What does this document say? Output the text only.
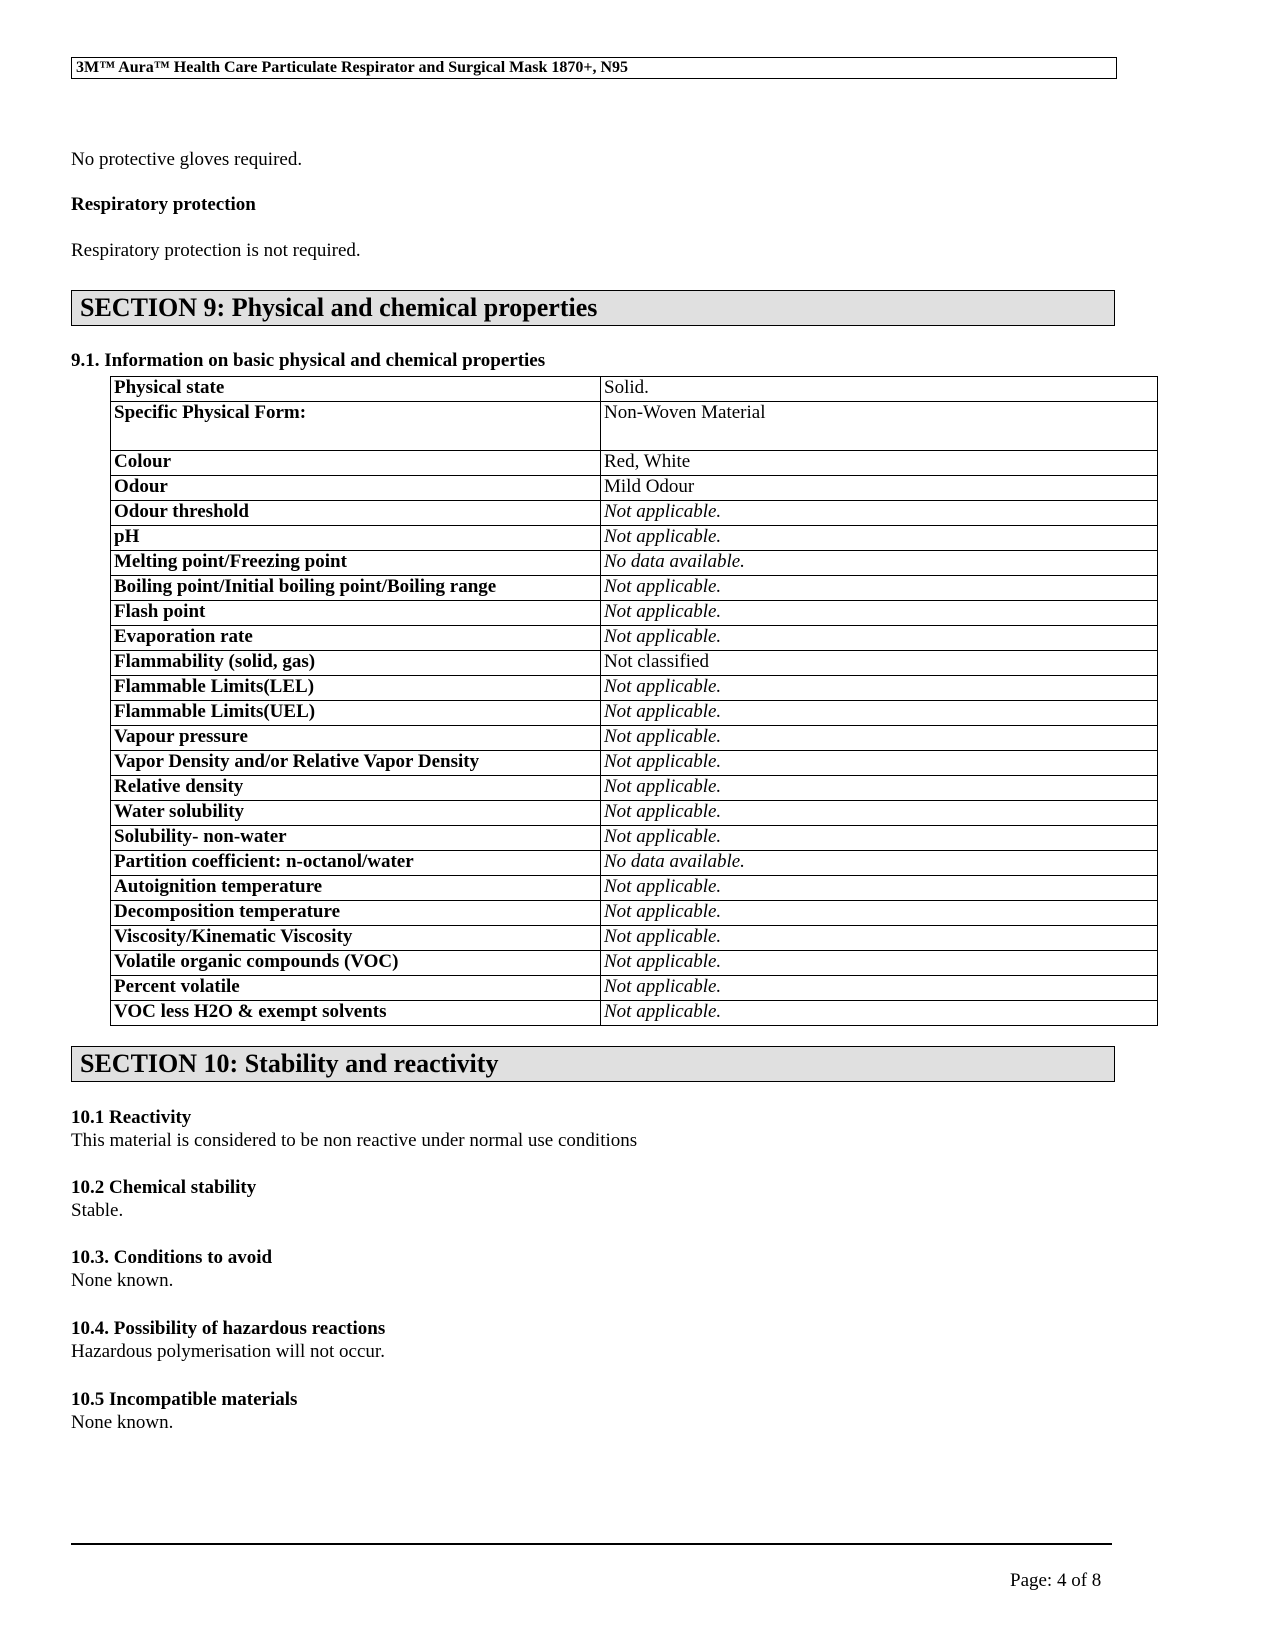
3M™ Aura™ Health Care Particulate Respirator and Surgical Mask 1870+, N95
No protective gloves required.
Respiratory protection
Respiratory protection is not required.
SECTION 9: Physical and chemical properties
9.1. Information on basic physical and chemical properties
Physical state	Solid.
Specific Physical Form:	Non-Woven Material
Colour	Red, White
Odour	Mild Odour
Odour threshold	Not applicable.
pH	Not applicable.
Melting point/Freezing point	No data available.
Boiling point/Initial boiling point/Boiling range	Not applicable.
Flash point	Not applicable.
Evaporation rate	Not applicable.
Flammability (solid, gas)	Not classified
Flammable Limits(LEL)	Not applicable.
Flammable Limits(UEL)	Not applicable.
Vapour pressure	Not applicable.
Vapor Density and/or Relative Vapor Density	Not applicable.
Relative density	Not applicable.
Water solubility	Not applicable.
Solubility- non-water	Not applicable.
Partition coefficient: n-octanol/water	No data available.
Autoignition temperature	Not applicable.
Decomposition temperature	Not applicable.
Viscosity/Kinematic Viscosity	Not applicable.
Volatile organic compounds (VOC)	Not applicable.
Percent volatile	Not applicable.
VOC less H2O & exempt solvents	Not applicable.
SECTION 10: Stability and reactivity
10.1 Reactivity
This material is considered to be non reactive under normal use conditions
10.2 Chemical stability
Stable.
10.3. Conditions to avoid
None known.
10.4. Possibility of hazardous reactions
Hazardous polymerisation will not occur.
10.5 Incompatible materials
None known.
Page: 4 of 8
